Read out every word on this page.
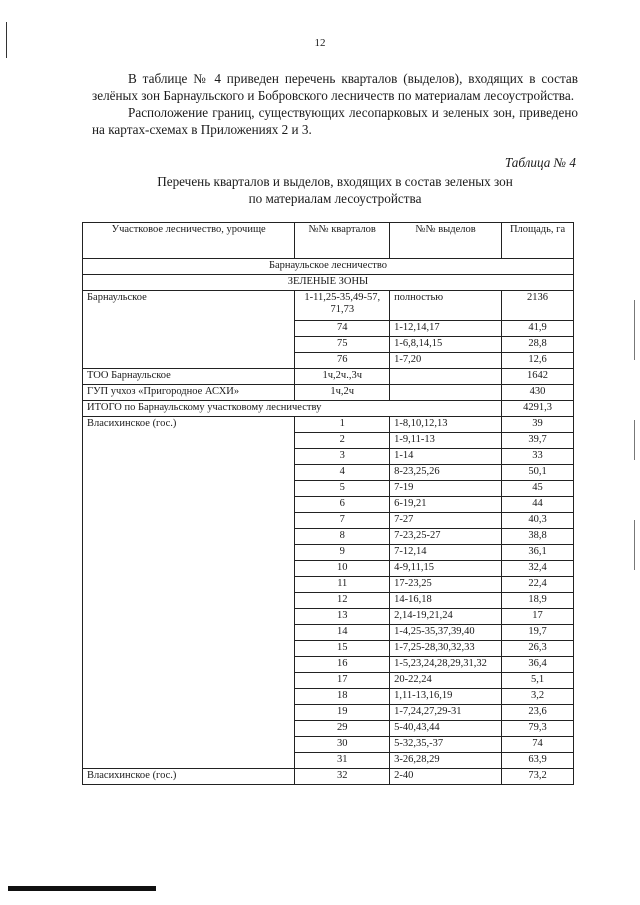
12

В таблице № 4 приведен перечень кварталов (выделов), входящих в состав зелёных зон Барнаульского и Бобровского лесничеств по материалам лесоустройства.

Расположение границ, существующих лесопарковых и зеленых зон, приведено на картах-схемах в Приложениях 2 и 3.

Таблица № 4
Перечень кварталов и выделов, входящих в состав зеленых зон
по материалам лесоустройства
Участковое лесничество, урочище	№№ кварталов	№№ выделов	Площадь, га
Барнаульское лесничество			
ЗЕЛЕНЫЕ ЗОНЫ			
Барнаульское	1-11,25-35,49-57, 71,73	полностью	2136
	74	1-12,14,17	41,9
	75	1-6,8,14,15	28,8
	76	1-7,20	12,6
ТОО Барнаульское	1ч,2ч.,3ч		1642
ГУП учхоз «Пригородное АСХИ»	1ч,2ч		430
ИТОГО по Барнаульскому участковому лесничеству			4291,3
Власихинское (гос.)	1	1-8,10,12,13	39
	2	1-9,11-13	39,7
	3	1-14	33
	4	8-23,25,26	50,1
	5	7-19	45
	6	6-19,21	44
	7	7-27	40,3
	8	7-23,25-27	38,8
	9	7-12,14	36,1
	10	4-9,11,15	32,4
	11	17-23,25	22,4
	12	14-16,18	18,9
	13	2,14-19,21,24	17
	14	1-4,25-35,37,39,40	19,7
	15	1-7,25-28,30,32,33	26,3
	16	1-5,23,24,28,29,31,32	36,4
	17	20-22,24	5,1
	18	1,11-13,16,19	3,2
	19	1-7,24,27,29-31	23,6
	29	5-40,43,44	79,3
	30	5-32,35,-37	74
	31	3-26,28,29	63,9
Власихинское (гос.)	32	2-40	73,2
